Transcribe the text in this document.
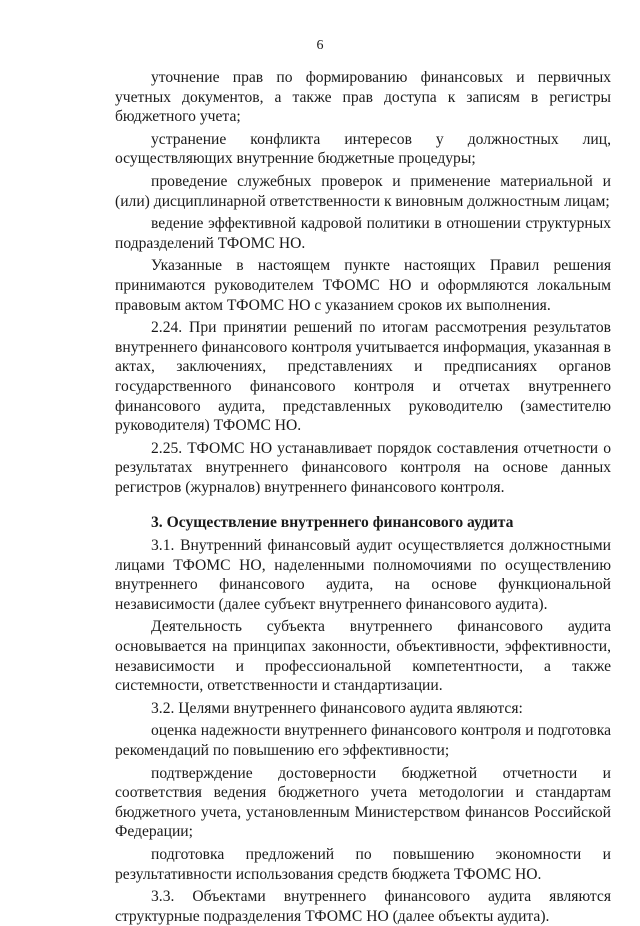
6

уточнение прав по формированию финансовых и первичных учетных документов, а также прав доступа к записям в регистры бюджетного учета;

устранение конфликта интересов у должностных лиц, осуществляющих внутренние бюджетные процедуры;

проведение служебных проверок и применение материальной и (или) дисциплинарной ответственности к виновным должностным лицам;

ведение эффективной кадровой политики в отношении структурных подразделений ТФОМС НО.

Указанные в настоящем пункте настоящих Правил решения принимаются руководителем ТФОМС НО и оформляются локальным правовым актом ТФОМС НО с указанием сроков их выполнения.

2.24. При принятии решений по итогам рассмотрения результатов внутреннего финансового контроля учитывается информация, указанная в актах, заключениях, представлениях и предписаниях органов государственного финансового контроля и отчетах внутреннего финансового аудита, представленных руководителю (заместителю руководителя) ТФОМС НО.

2.25. ТФОМС НО устанавливает порядок составления отчетности о результатах внутреннего финансового контроля на основе данных регистров (журналов) внутреннего финансового контроля.

3. Осуществление внутреннего финансового аудита

3.1. Внутренний финансовый аудит осуществляется должностными лицами ТФОМС НО, наделенными полномочиями по осуществлению внутреннего финансового аудита, на основе функциональной независимости (далее субъект внутреннего финансового аудита).

Деятельность субъекта внутреннего финансового аудита основывается на принципах законности, объективности, эффективности, независимости и профессиональной компетентности, а также системности, ответственности и стандартизации.

3.2. Целями внутреннего финансового аудита являются:

оценка надежности внутреннего финансового контроля и подготовка рекомендаций по повышению его эффективности;

подтверждение достоверности бюджетной отчетности и соответствия ведения бюджетного учета методологии и стандартам бюджетного учета, установленным Министерством финансов Российской Федерации;

подготовка предложений по повышению экономности и результативности использования средств бюджета ТФОМС НО.

3.3. Объектами внутреннего финансового аудита являются структурные подразделения ТФОМС НО (далее объекты аудита).
